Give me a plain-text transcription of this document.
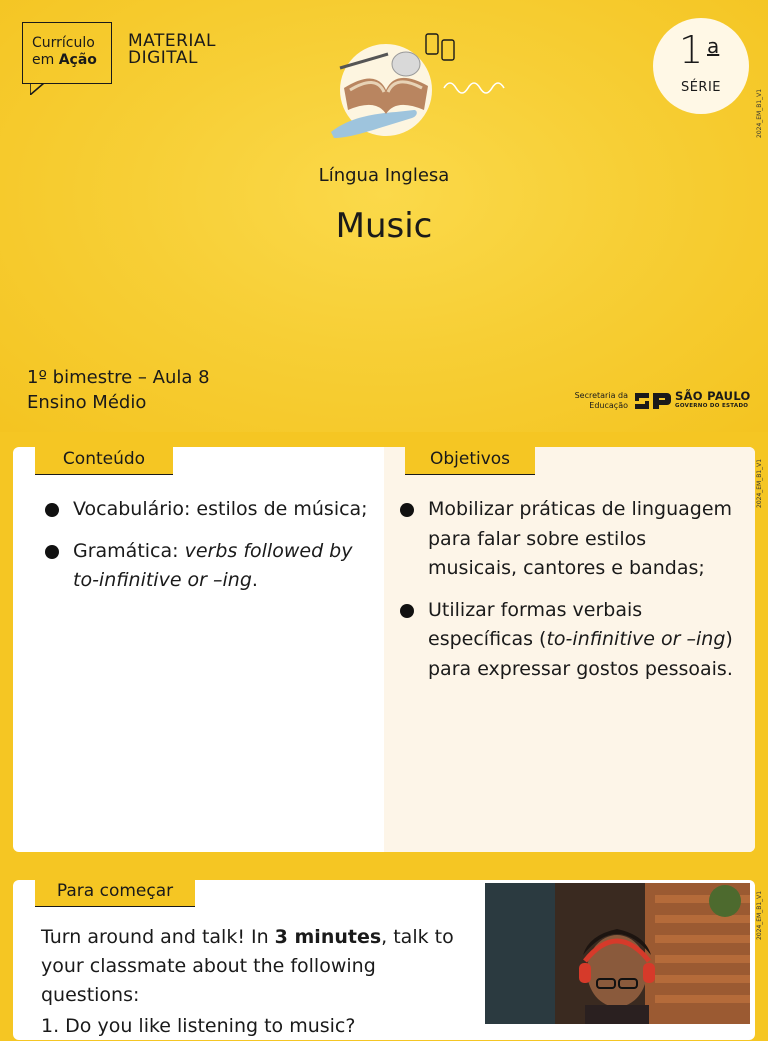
Currículo
em Ação
MATERIAL
DIGITAL	1 a
SÉRIE
2024_EM_B1_V1
Língua Inglesa
Music
1º bimestre – Aula 8
Ensino Médio	Secretaria da
Educação
SÃO PAULO
GOVERNO DO ESTADO
Conteúdo	Objetivos
Vocabulário: estilos de música;
Gramática: verbs followed by to-infinitive or –ing.
Mobilizar práticas de linguagem para falar sobre estilos musicais, cantores e bandas;
Utilizar formas verbais específicas (to-infinitive or –ing) para expressar gostos pessoais.
2024_EM_B1_V1
Para começar
Turn around and talk! In 3 minutes, talk to your classmate about the following questions:
1. Do you like listening to music?
2024_EM_B1_V1
